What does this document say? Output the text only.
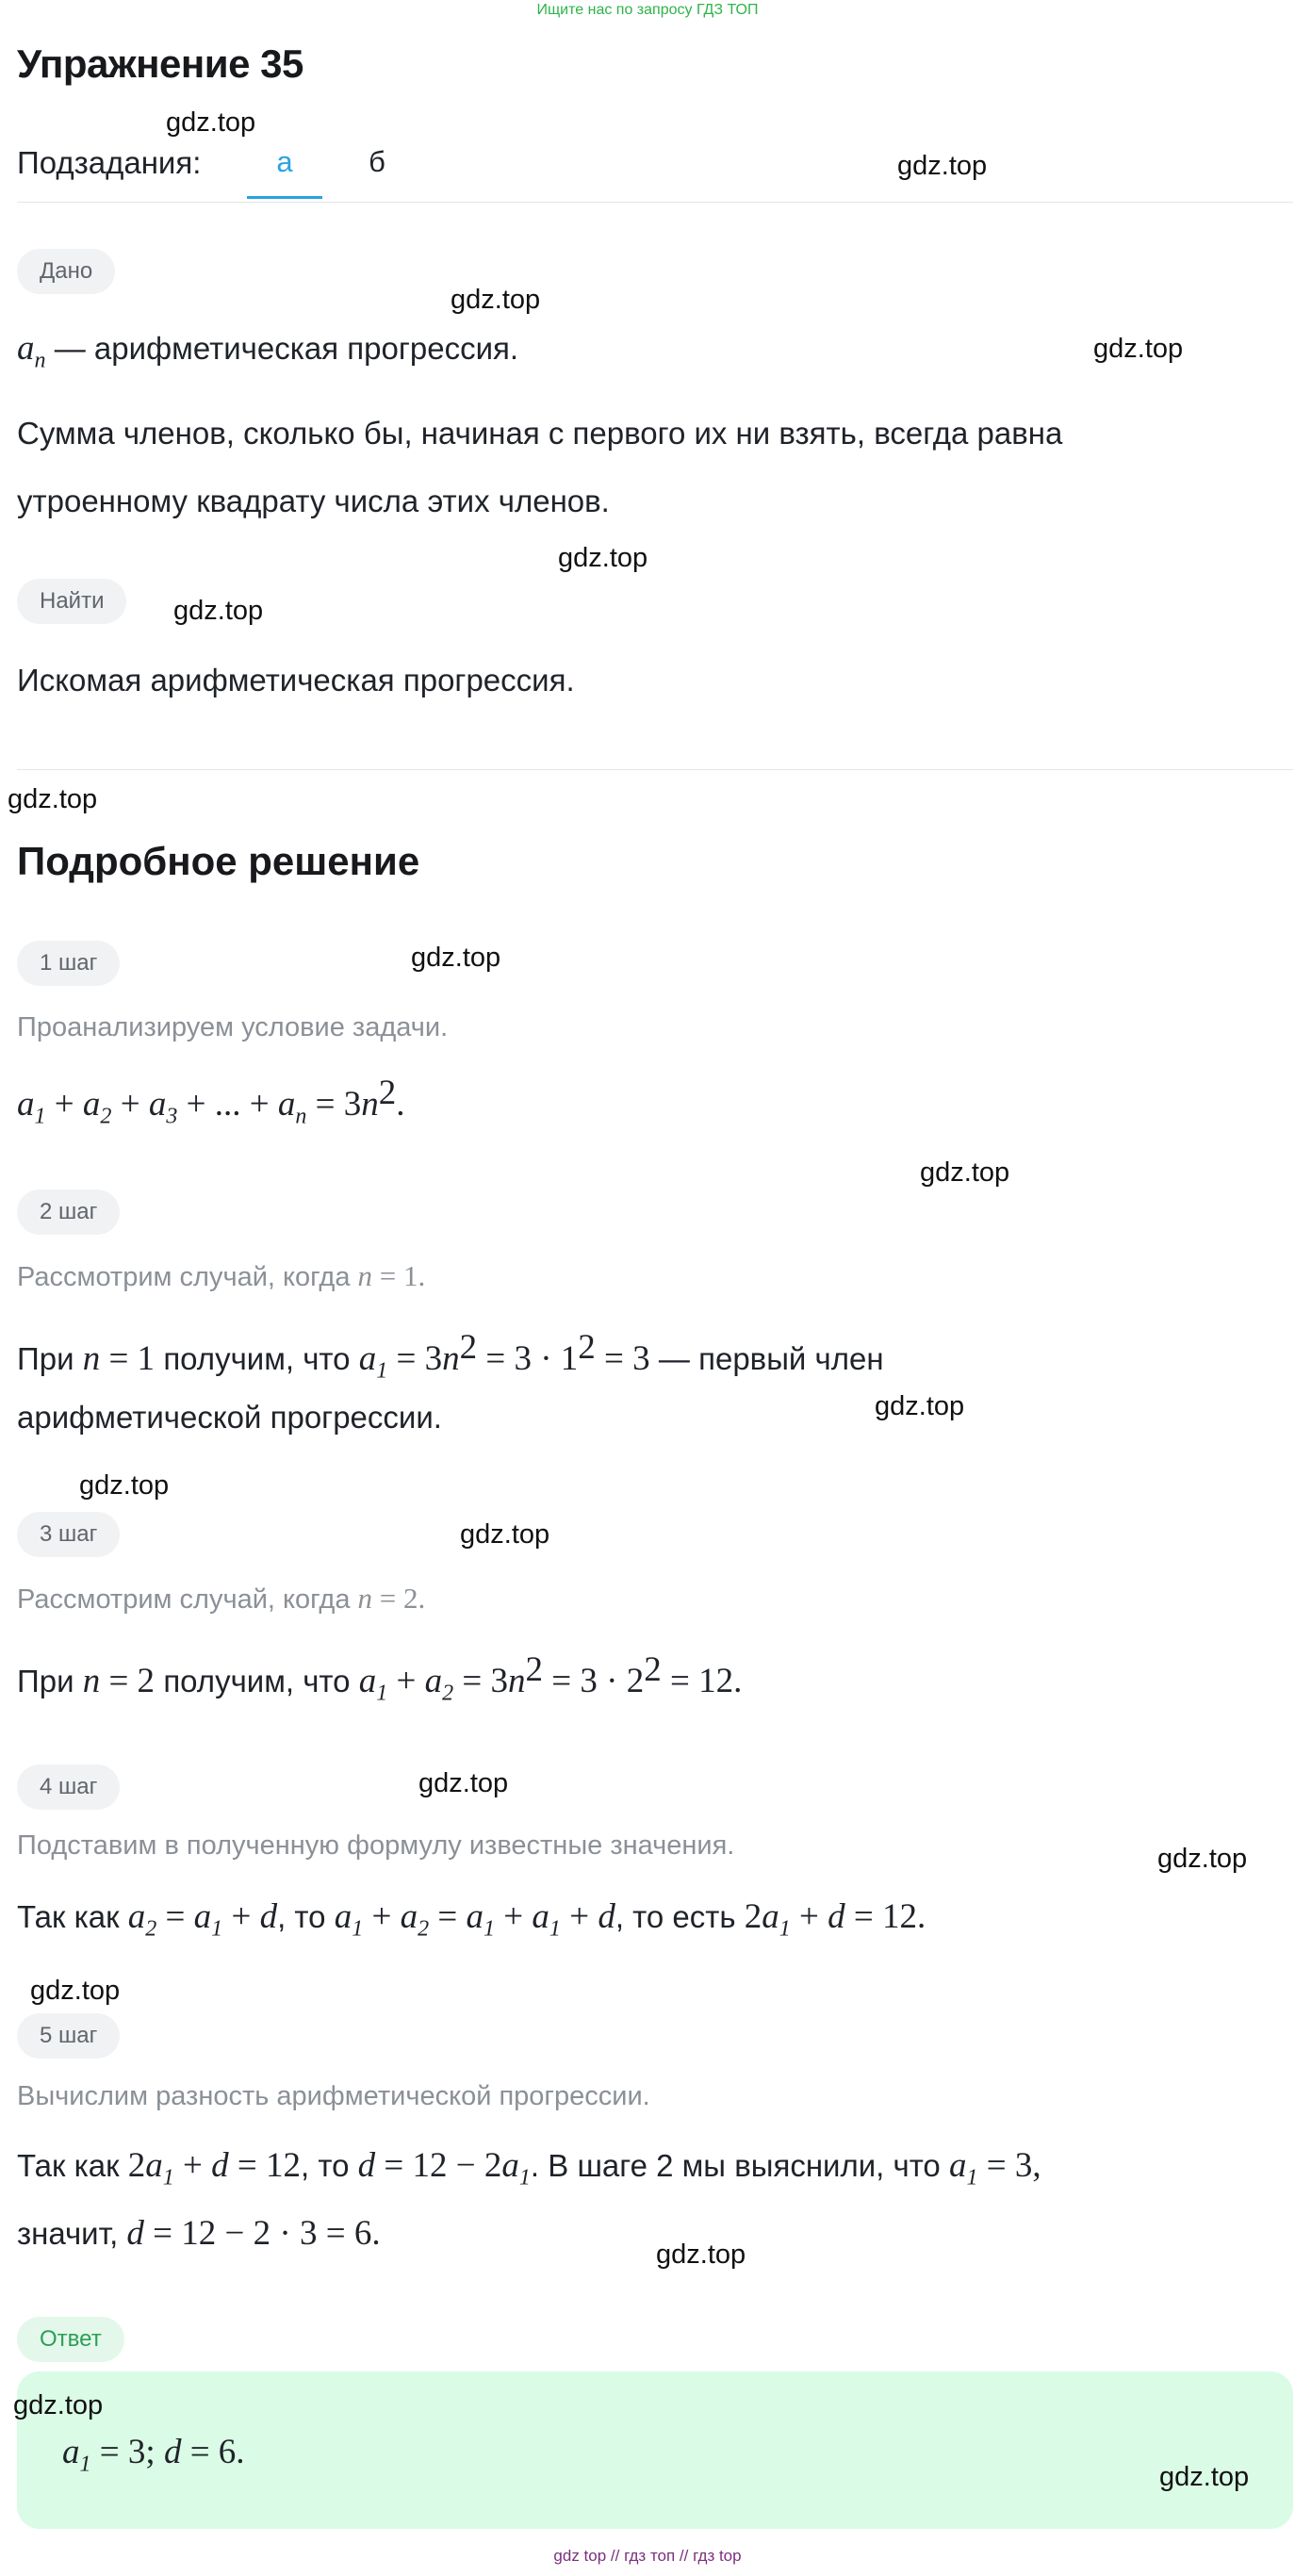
Ищите нас по запросу ГДЗ ТОП
Упражнение 35
Подзадания:	а	б
Дано
$a_n$ — арифметическая прогрессия.
Сумма членов, сколько бы, начиная с первого их ни взять, всегда равна
утроенному квадрату числа этих членов.
Найти
Искомая арифметическая прогрессия.
Подробное решение
1 шаг
Проанализируем условие задачи.
$a_1 + a_2 + a_3$ + ... + $a_n = 3n^2$.
2 шаг
Рассмотрим случай, когда n = 1.
При n = 1 получим, что $a_1 = 3n^2 = 3 \cdot 1^2 = 3$ — первый член
арифметической прогрессии.
3 шаг
Рассмотрим случай, когда n = 2.
При n = 2 получим, что $a_1 + a_2 = 3n^2 = 3 \cdot 2^2 = 12$.
4 шаг
Подставим в полученную формулу известные значения.
Так как $a_2 = a_1 + d$, то $a_1 + a_2 = a_1 + a_1 + d$, то есть $2a_1 + d = 12$.
5 шаг
Вычислим разность арифметической прогрессии.
Так как $2a_1 + d = 12$, то $d = 12 - 2a_1$. В шаге 2 мы выяснили, что $a_1 = 3$,
значит, d = 12 − 2 · 3 = 6.
Ответ
$a_1 = 3$; d = 6.
gdz.top
gdz.top
gdz.top
gdz.top
gdz.top
gdz.top
gdz.top
gdz.top
gdz.top
gdz.top
gdz.top
gdz.top
gdz.top
gdz.top
gdz.top
gdz.top
gdz.top
gdz.top
gdz top // гдз топ // гдз top
